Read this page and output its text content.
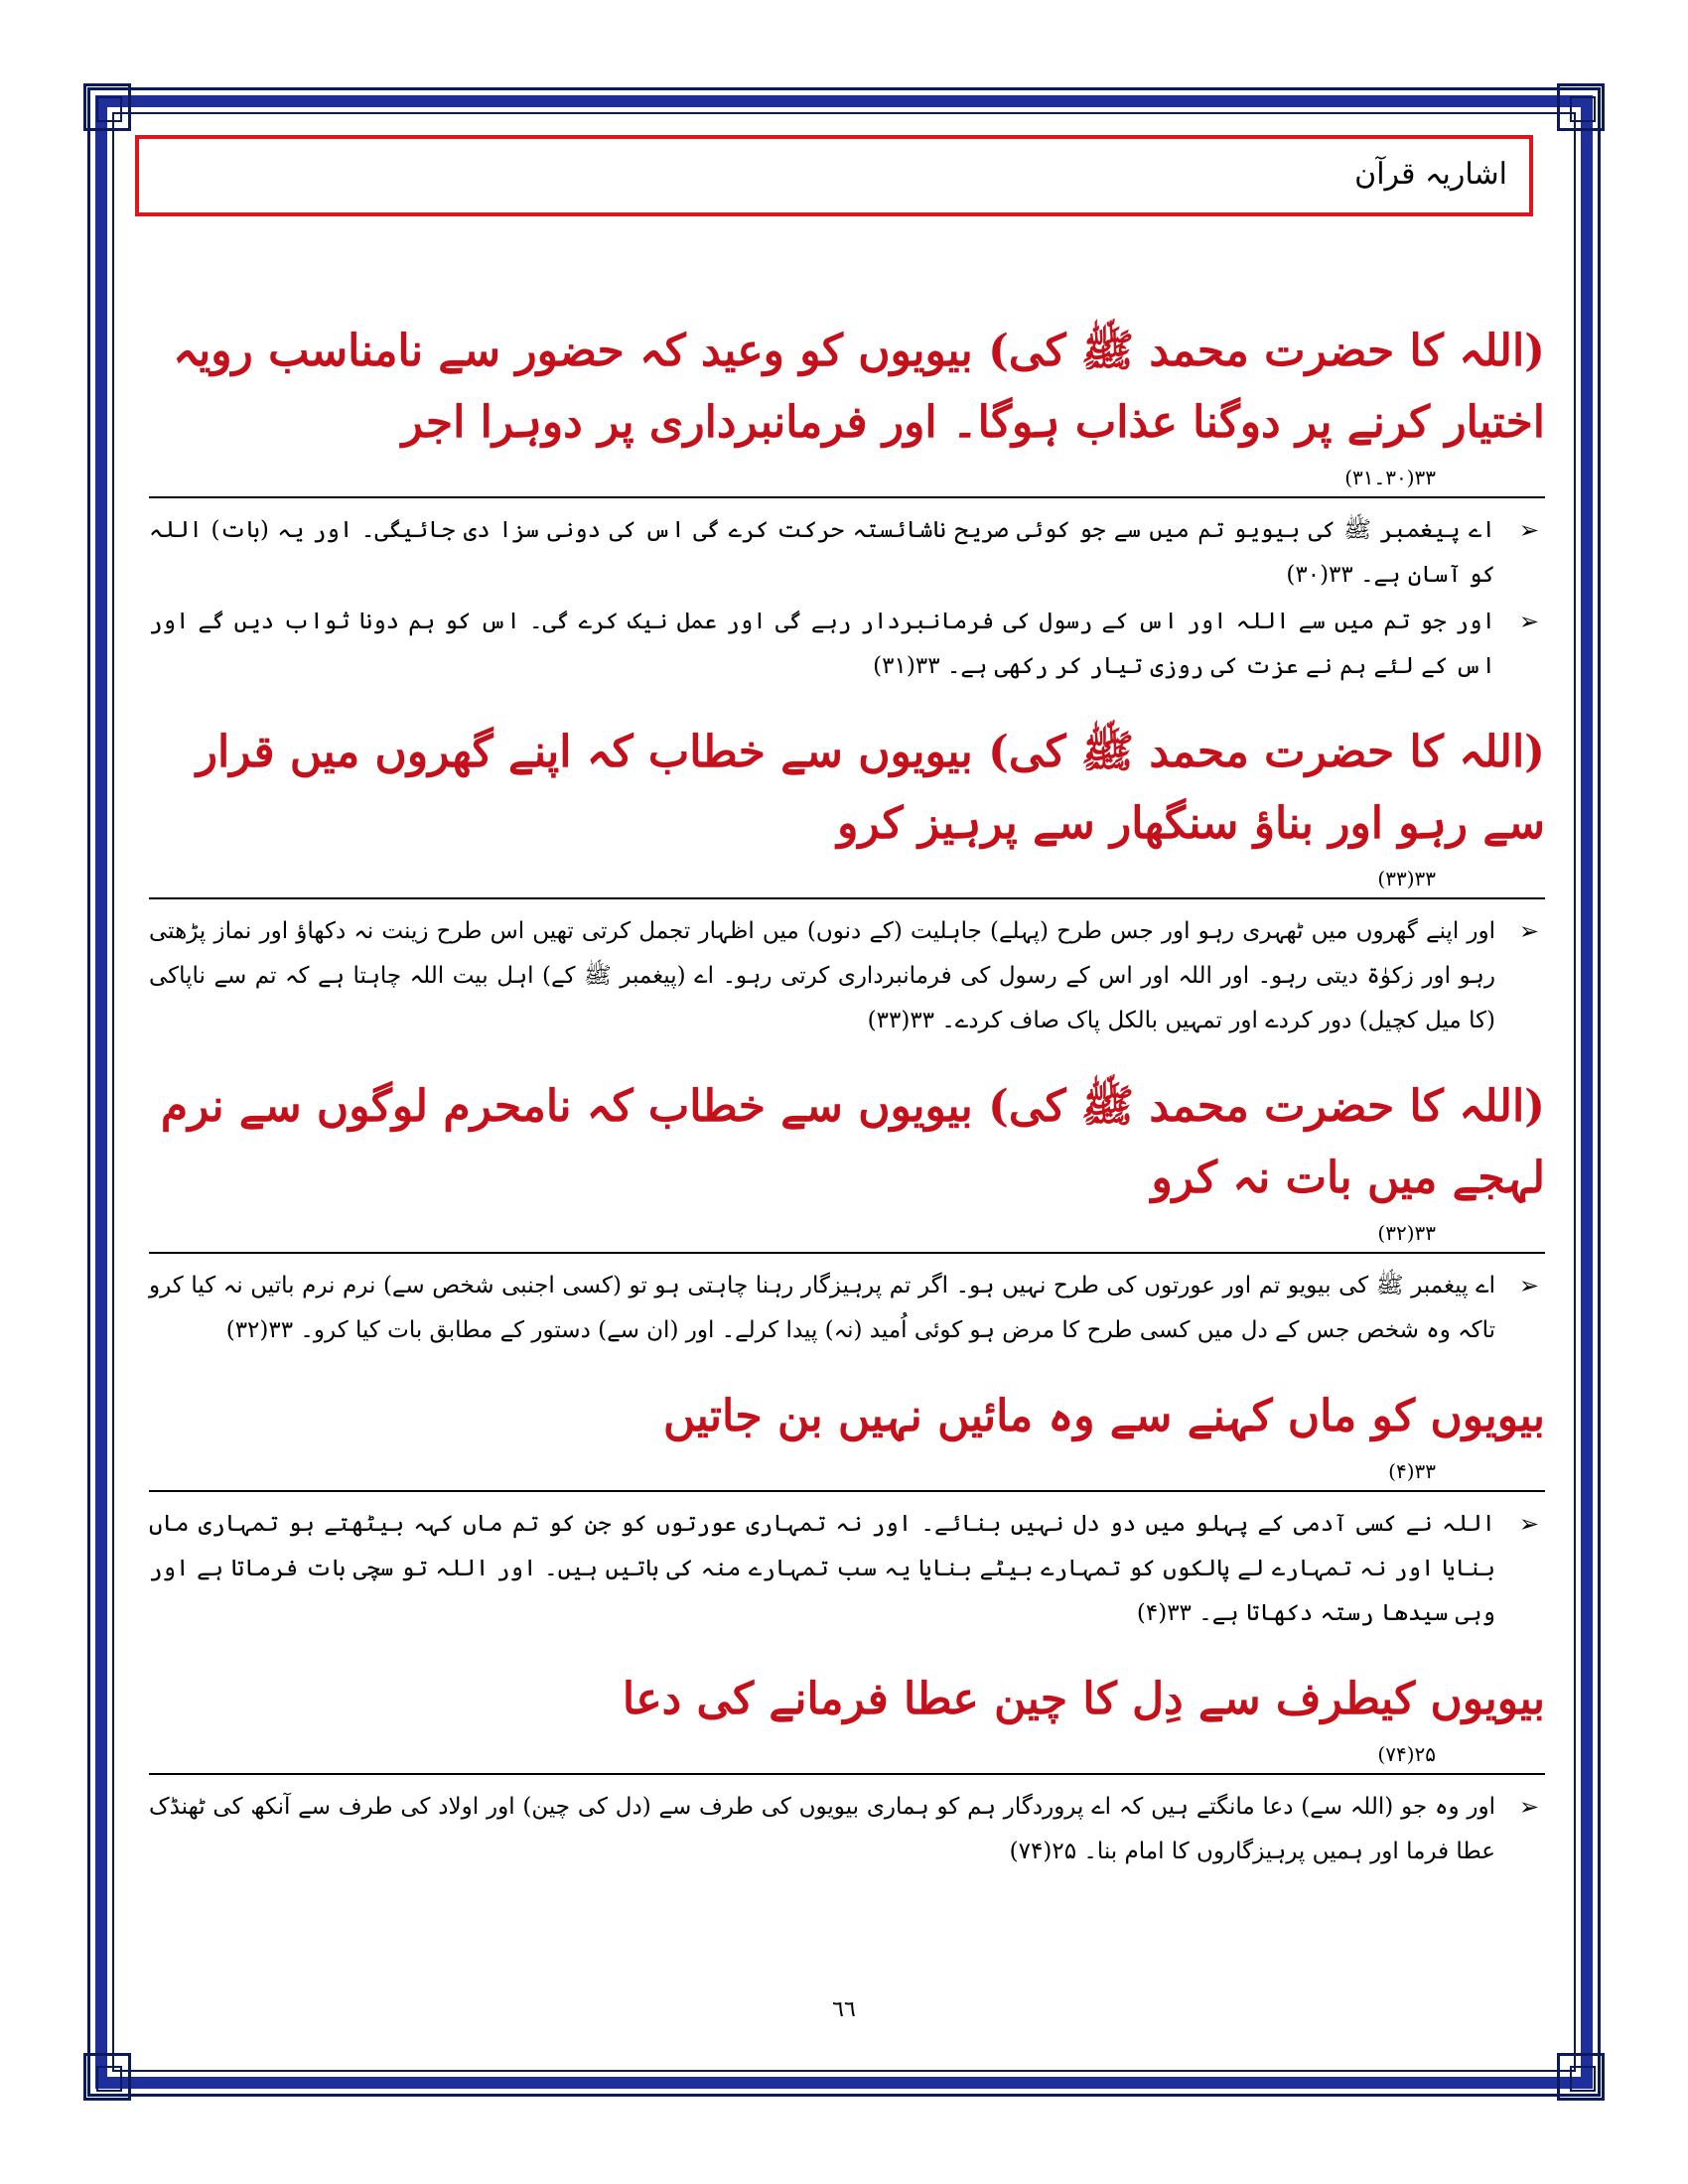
اشاریہ قرآن

(اللہ کا حضرت محمد ﷺ کی) بیویوں کو وعید کہ حضور سے نامناسب رویہ اختیار کرنے پر دوگنا عذاب ہوگا۔ اور فرمانبرداری پر دوہرا اجر

۳۳(۳۰۔۳۱)
➢
اے پیغمبر ﷺ کی بیویو تم میں سے جو کوئی صریح ناشائستہ حرکت کرے گی اس کی دونی سزا دی جائیگی۔ اور یہ (بات) اللہ کو آسان ہے۔ ۳۳(۳۰)
➢
اور جو تم میں سے اللہ اور اس کے رسول کی فرمانبردار رہے گی اور عمل نیک کرے گی۔ اس کو ہم دونا ثواب دیں گے اور اس کے لئے ہم نے عزت کی روزی تیار کر رکھی ہے۔ ۳۳(۳۱)

(اللہ کا حضرت محمد ﷺ کی) بیویوں سے خطاب کہ اپنے گھروں میں قرار سے رہو اور بناؤ سنگھار سے پرہیز کرو

۳۳(۳۳)
➢
اور اپنے گھروں میں ٹھہری رہو اور جس طرح (پہلے) جاہلیت (کے دنوں) میں اظہار تجمل کرتی تھیں اس طرح زینت نہ دکھاؤ اور نماز پڑھتی رہو اور زکوٰۃ دیتی رہو۔ اور اللہ اور اس کے رسول کی فرمانبرداری کرتی رہو۔ اے (پیغمبر ﷺ کے) اہل بیت اللہ چاہتا ہے کہ تم سے ناپاکی (کا میل کچیل) دور کردے اور تمہیں بالکل پاک صاف کردے۔ ۳۳(۳۳)

(اللہ کا حضرت محمد ﷺ کی) بیویوں سے خطاب کہ نامحرم لوگوں سے نرم لہجے میں بات نہ کرو

۳۳(۳۲)
➢
اے پیغمبر ﷺ کی بیویو تم اور عورتوں کی طرح نہیں ہو۔ اگر تم پرہیزگار رہنا چاہتی ہو تو (کسی اجنبی شخص سے) نرم نرم باتیں نہ کیا کرو تاکہ وہ شخص جس کے دل میں کسی طرح کا مرض ہو کوئی اُمید (نہ) پیدا کرلے۔ اور (ان سے) دستور کے مطابق بات کیا کرو۔ ۳۳(۳۲)

بیویوں کو ماں کہنے سے وہ مائیں نہیں بن جاتیں

۳۳(۴)
➢
اللہ نے کسی آدمی کے پہلو میں دو دل نہیں بنائے۔ اور نہ تمہاری عورتوں کو جن کو تم ماں کہہ بیٹھتے ہو تمہاری ماں بنایا اور نہ تمہارے لے پالکوں کو تمہارے بیٹے بنایا یہ سب تمہارے منہ کی باتیں ہیں۔ اور اللہ تو سچی بات فرماتا ہے اور وہی سیدھا رستہ دکھاتا ہے۔ ۳۳(۴)

بیویوں کیطرف سے دِل کا چین عطا فرمانے کی دعا

۲۵(۷۴)
➢
اور وہ جو (اللہ سے) دعا مانگتے ہیں کہ اے پروردگار ہم کو ہماری بیویوں کی طرف سے (دل کی چین) اور اولاد کی طرف سے آنکھ کی ٹھنڈک عطا فرما اور ہمیں پرہیزگاروں کا امام بنا۔ ۲۵(۷۴)
٦٦
